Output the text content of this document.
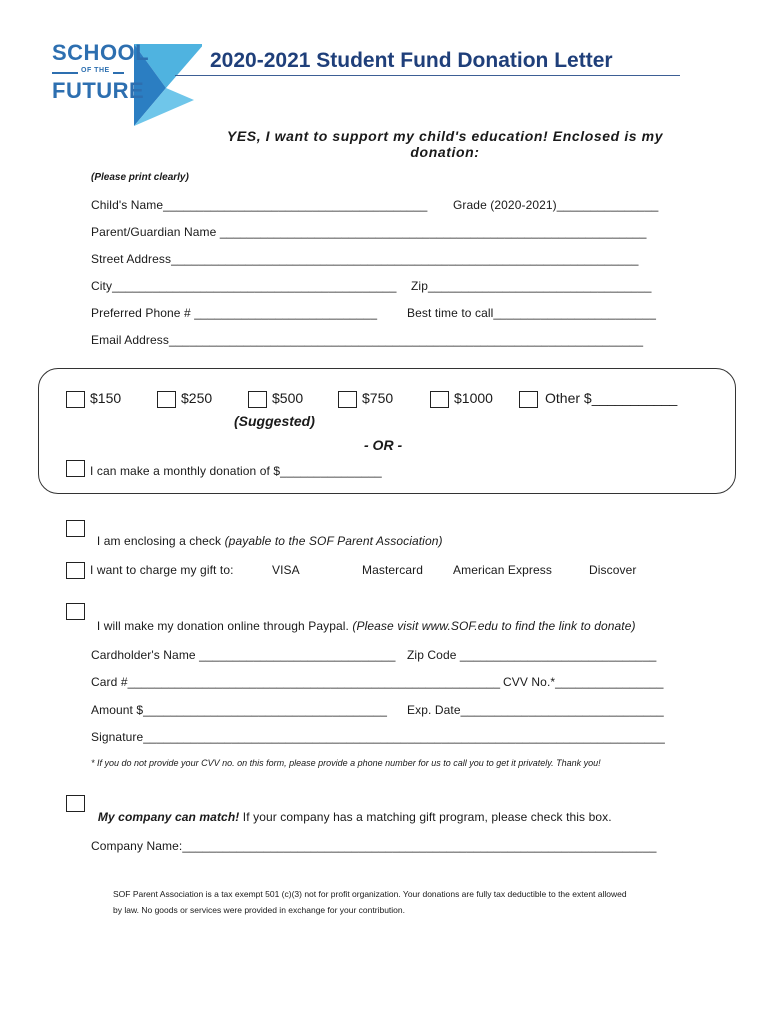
SCHOOL
OF THE
FUTURE
2020-2021 Student Fund Donation Letter
YES, I want to support my child's education! Enclosed is my
donation:
(Please print clearly)
Child's Name_______________________________________ Grade (2020-2021)_______________
Parent/Guardian Name _______________________________________________________________
Street Address_____________________________________________________________________
City__________________________________________ Zip_________________________________
Preferred Phone # ___________________________ Best time to call________________________
Email Address______________________________________________________________________
$150	$250	$500	$750	$1000	Other $___________
(Suggested)
- OR -
I can make a monthly donation of $_______________

I am enclosing a check (payable to the SOF Parent Association)

I want to charge my gift to:	VISA	Mastercard American Express	Discover

I will make my donation online through Paypal. (Please visit www.SOF.edu to find the link to donate)

Cardholder's Name _____________________________ Zip Code _____________________________
Card #_______________________________________________________ CVV No.*________________
Amount $____________________________________ Exp. Date______________________________
Signature_____________________________________________________________________________
* If you do not provide your CVV no. on this form, please provide a phone number for us to call you to get it privately. Thank you!

My company can match! If your company has a matching gift program, please check this box.

Company Name:______________________________________________________________________
SOF Parent Association is a tax exempt 501 (c)(3) not for profit organization. Your donations are fully tax deductible to the extent allowed
by law. No goods or services were provided in exchange for your contribution.
